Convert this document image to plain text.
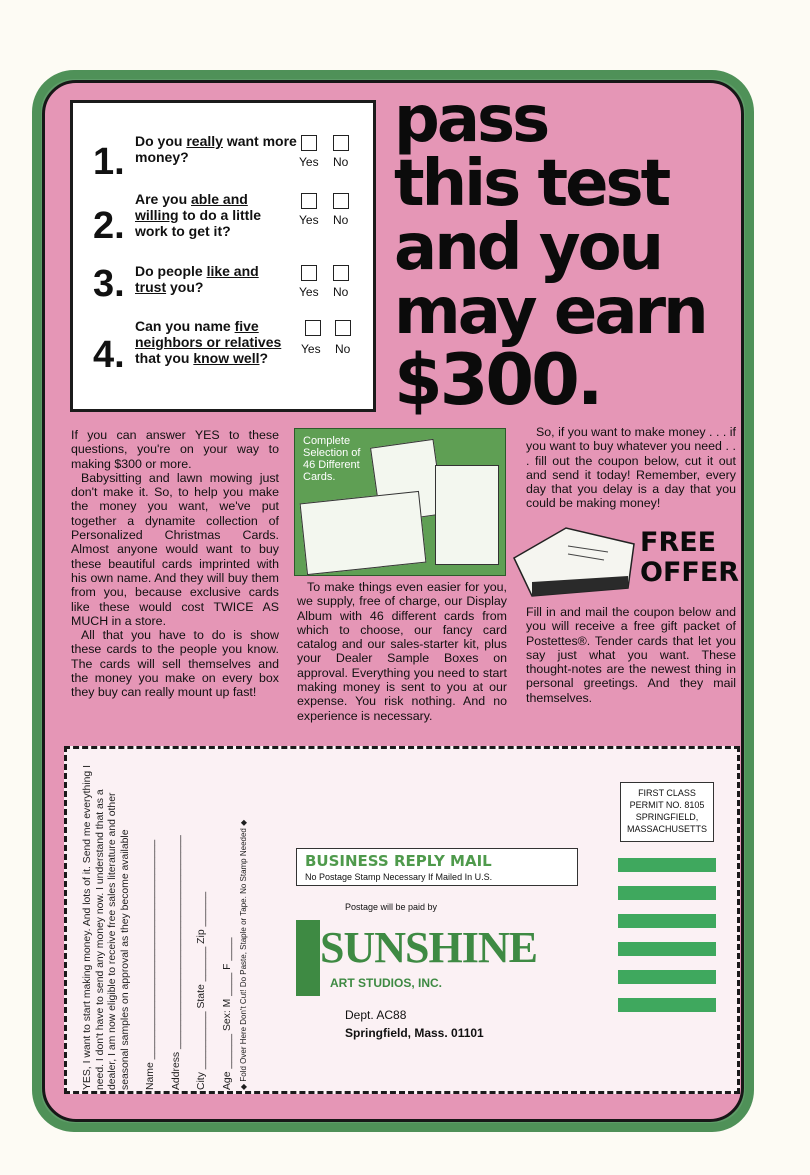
1. Do you really want more money?	Yes No
2.
Are you able and willing to do a little work to get it?
Yes No
3. Do people like and trust you?	Yes No
4.
Can you name five neighbors or relatives that you know well?
Yes No
pass
this test
and you
may earn
$300.

If you can answer YES to these questions, you're on your way to making $300 or more.

Babysitting and lawn mowing just don't make it. So, to help you make the money you want, we've put together a dynamite collection of Personalized Christmas Cards. Almost anyone would want to buy these beautiful cards imprinted with his own name. And they will buy them from you, because exclusive cards like these would cost TWICE AS MUCH in a store.

All that you have to do is show these cards to the people you know. The cards will sell themselves and the money you make on every box they buy can really mount up fast!

Complete Selection of 46 Different Cards.

To make things even easier for you, we supply, free of charge, our Display Album with 46 different cards from which to choose, our fancy card catalog and our sales-starter kit, plus your Dealer Sample Boxes on approval. Everything you need to start making money is sent to you at our expense. You risk nothing. And no experience is necessary.

So, if you want to make money . . . if you want to buy whatever you need . . . fill out the coupon below, cut it out and send it today! Remember, every day that you delay is a day that you could be making money!

FREE
OFFER

Fill in and mail the coupon below and you will receive a free gift packet of Postettes®. Tender cards that let you say just what you want. These thought-notes are the newest thing in personal greetings. And they mail themselves.

YES, I want to start making money. And lots of it. Send me everything I need. I don't have to send any money now. I understand that as a dealer, I am now eligible to receive free sales literature and other seasonal samples on approval as they become available Name ______________________________________
Address _____________________________________
City __________ State ______ Zip ______
Age ______ Sex: M ____ F ____ ◆ Fold Over Here Don't Cut! Do Paste, Staple or Tape. No Stamp Needed ◆
FIRST CLASS
PERMIT NO. 8105
SPRINGFIELD,
MASSACHUSETTS
BUSINESS REPLY MAIL
No Postage Stamp Necessary If Mailed In U.S.
Postage will be paid by
SUNSHINE
ART STUDIOS, INC.
Dept. AC88
Springfield, Mass. 01101
